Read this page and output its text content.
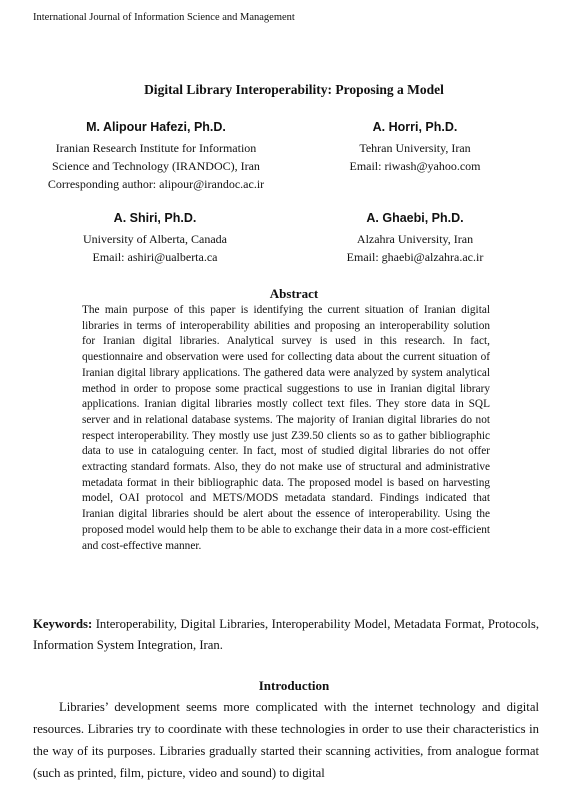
International Journal of Information Science and Management
Digital Library Interoperability: Proposing a Model
M. Alipour Hafezi, Ph.D.
Iranian Research Institute for Information
Science and Technology (IRANDOC), Iran
Corresponding author: alipour@irandoc.ac.ir
A. Horri, Ph.D.
Tehran University, Iran
Email: riwash@yahoo.com
A. Shiri, Ph.D.
University of Alberta, Canada
Email: ashiri@ualberta.ca
A. Ghaebi, Ph.D.
Alzahra University, Iran
Email: ghaebi@alzahra.ac.ir
Abstract
The main purpose of this paper is identifying the current situation of Iranian digital libraries in terms of interoperability abilities and proposing an interoperability solution for Iranian digital libraries. Analytical survey is used in this research. In fact, questionnaire and observation were used for collecting data about the current situation of Iranian digital library applications. The gathered data were analyzed by system analytical method in order to propose some practical suggestions to use in Iranian digital library applications. Iranian digital libraries mostly collect text files. They store data in SQL server and in relational database systems. The majority of Iranian digital libraries do not respect interoperability. They mostly use just Z39.50 clients so as to gather bibliographic data to use in cataloguing center. In fact, most of studied digital libraries do not offer extracting standard formats. Also, they do not make use of structural and administrative metadata format in their bibliographic data. The proposed model is based on harvesting model, OAI protocol and METS/MODS metadata standard. Findings indicated that Iranian digital libraries should be alert about the essence of interoperability. Using the proposed model would help them to be able to exchange their data in a more cost-efficient and cost-effective manner.
Keywords: Interoperability, Digital Libraries, Interoperability Model, Metadata Format, Protocols, Information System Integration, Iran.
Introduction
Libraries’ development seems more complicated with the internet technology and digital resources. Libraries try to coordinate with these technologies in order to use their characteristics in the way of its purposes. Libraries gradually started their scanning activities, from analogue format (such as printed, film, picture, video and sound) to digital
